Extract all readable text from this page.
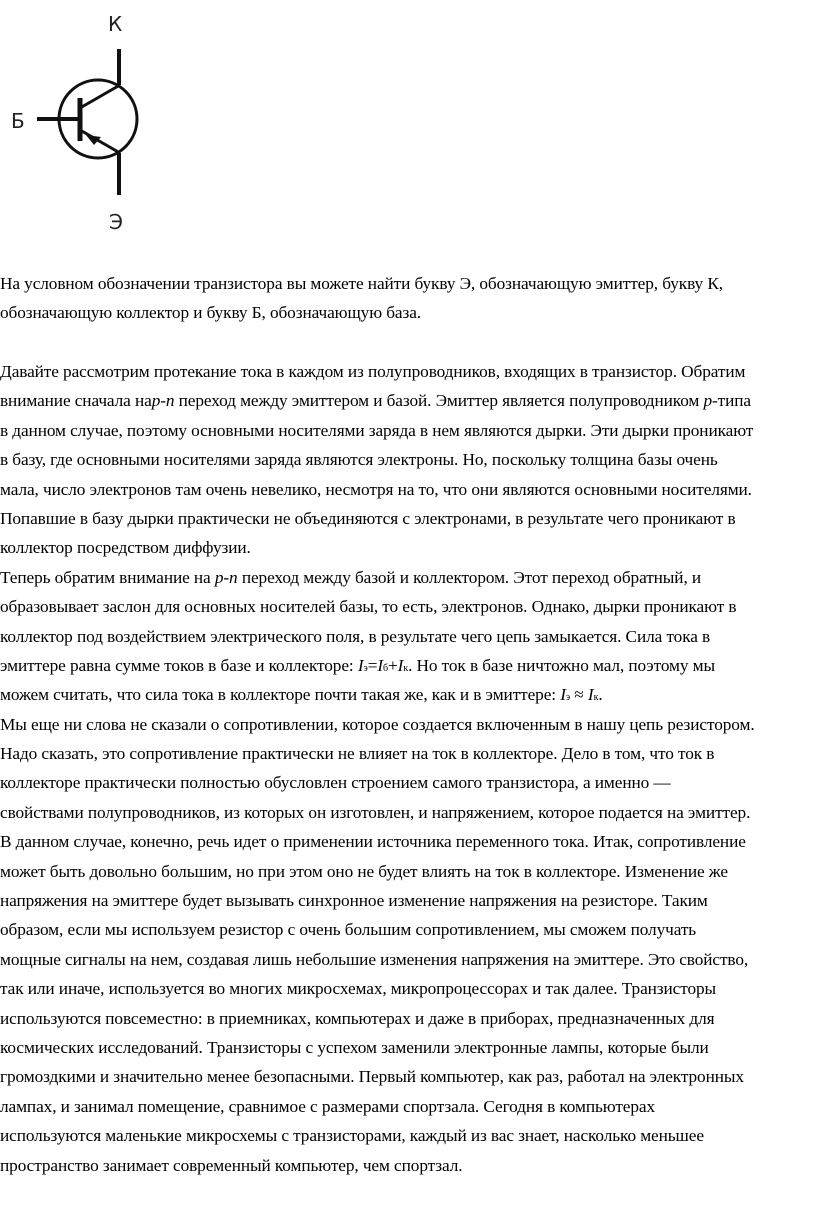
К
Б
Э
На условном обозначении транзистора вы можете найти букву Э, обозначающую эмиттер, букву К,
обозначающую коллектор и букву Б, обозначающую база.
Давайте рассмотрим протекание тока в каждом из полупроводников, входящих в транзистор. Обратим
внимание сначала наp-n переход между эмиттером и базой. Эмиттер является полупроводником p-типа
в данном случае, поэтому основными носителями заряда в нем являются дырки. Эти дырки проникают
в базу, где основными носителями заряда являются электроны. Но, поскольку толщина базы очень
мала, число электронов там очень невелико, несмотря на то, что они являются основными носителями.
Попавшие в базу дырки практически не объединяются с электронами, в результате чего проникают в
коллектор посредством диффузии.
Теперь обратим внимание на p-n переход между базой и коллектором. Этот переход обратный, и
образовывает заслон для основных носителей базы, то есть, электронов. Однако, дырки проникают в
коллектор под воздействием электрического поля, в результате чего цепь замыкается. Сила тока в
эмиттере равна сумме токов в базе и коллекторе: Iэ=Iб+Iк. Но ток в базе ничтожно мал, поэтому мы
можем считать, что сила тока в коллекторе почти такая же, как и в эмиттере: Iэ ≈ Iк.
Мы еще ни слова не сказали о сопротивлении, которое создается включенным в нашу цепь резистором.
Надо сказать, это сопротивление практически не влияет на ток в коллекторе. Дело в том, что ток в
коллекторе практически полностью обусловлен строением самого транзистора, а именно —
свойствами полупроводников, из которых он изготовлен, и напряжением, которое подается на эмиттер.
В данном случае, конечно, речь идет о применении источника переменного тока. Итак, сопротивление
может быть довольно большим, но при этом оно не будет влиять на ток в коллекторе. Изменение же
напряжения на эмиттере будет вызывать синхронное изменение напряжения на резисторе. Таким
образом, если мы используем резистор с очень большим сопротивлением, мы сможем получать
мощные сигналы на нем, создавая лишь небольшие изменения напряжения на эмиттере. Это свойство,
так или иначе, используется во многих микросхемах, микропроцессорах и так далее. Транзисторы
используются повсеместно: в приемниках, компьютерах и даже в приборах, предназначенных для
космических исследований. Транзисторы с успехом заменили электронные лампы, которые были
громоздкими и значительно менее безопасными. Первый компьютер, как раз, работал на электронных
лампах, и занимал помещение, сравнимое с размерами спортзала. Сегодня в компьютерах
используются маленькие микросхемы с транзисторами, каждый из вас знает, насколько меньшее
пространство занимает современный компьютер, чем спортзал.
